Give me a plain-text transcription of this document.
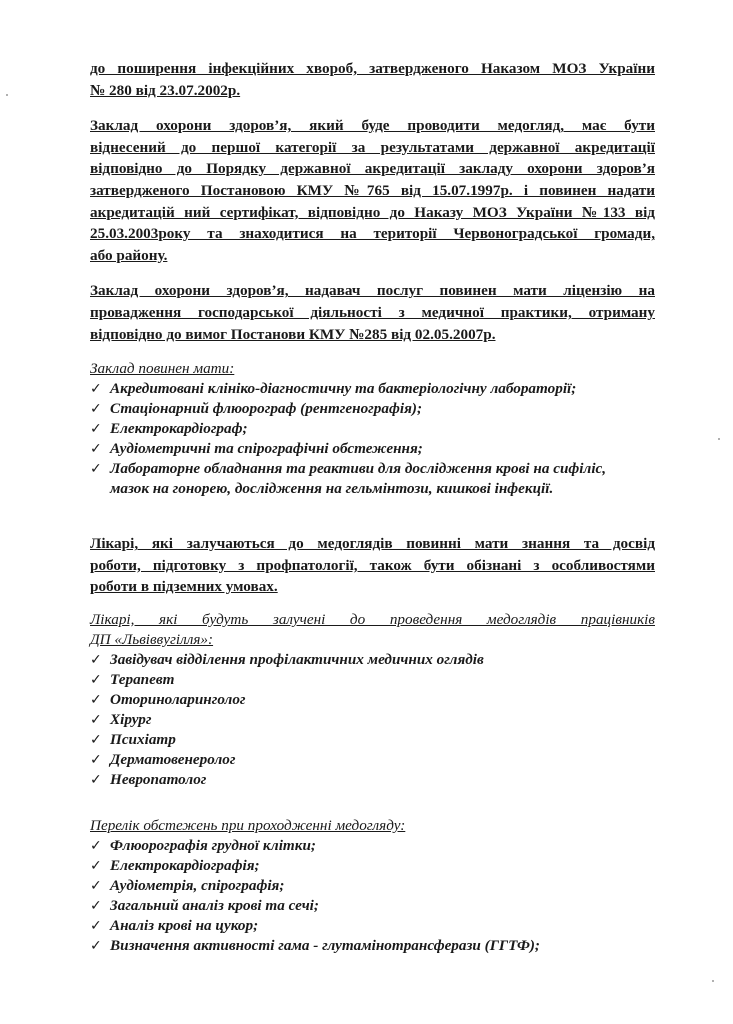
до поширення інфекційних хвороб, затвердженого Наказом МОЗ України
№ 280 від 23.07.2002р.

Заклад охорони здоров’я, який буде проводити медогляд, має бути
віднесений до першої категорії за результатами державної акредитації
відповідно до Порядку державної акредитації закладу охорони здоров’я
затвердженого Постановою КМУ №765 від 15.07.1997р. і повинен надати
акредитацій ний сертифікат, відповідно до Наказу МОЗ України №133 від
25.03.2003року та знаходитися на території Червоноградської громади,
або району.

Заклад охорони здоров’я, надавач послуг повинен мати ліцензію на
провадження господарської діяльності з медичної практики, отриману
відповідно до вимог Постанови КМУ №285 від 02.05.2007р.

Заклад повинен мати:

✓ Акредитовані клініко-діагностичну та бактеріологічну лабораторії;
✓ Стаціонарний флюорограф (рентгенографія);
✓ Електрокардіограф;
✓ Аудіометричні та спірографічні обстеження;
✓ Лабораторне обладнання та реактиви для дослідження крові на сифіліс,
мазок на гонорею, дослідження на гельмінтози, кишкові інфекції.

Лікарі, які залучаються до медоглядів повинні мати знання та досвід
роботи, підготовку з профпатології, також бути обізнані з особливостями
роботи в підземних умовах.

Лікарі, які будуть залучені до проведення медоглядів працівників
ДП «Львіввугілля»:

✓ Завідувач відділення профілактичних медичних оглядів
✓ Терапевт
✓ Оториноларинголог
✓ Хірург
✓ Психіатр
✓ Дерматовенеролог
✓ Невропатолог

Перелік обстежень при проходженні медогляду:

✓ Флюорографія грудної клітки;
✓ Електрокардіографія;
✓ Аудіометрія, спірографія;
✓ Загальний аналіз крові та сечі;
✓ Аналіз крові на цукор;
✓ Визначення активності гама - глутамінотрансферази (ГГТФ);
